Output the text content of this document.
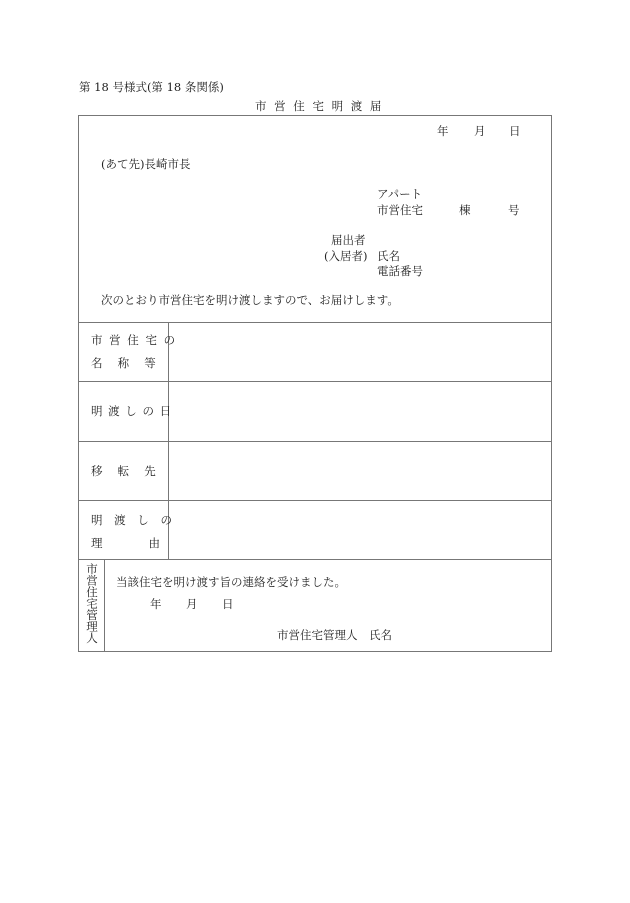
第 18 号様式(第 18 条関係)
市 営 住 宅 明 渡 届
年 月 日
(あて先)長崎市長
アパート
市営住宅	棟	号
届出者
(入居者) 氏名
電話番号
次のとおり市営住宅を明け渡しますので、お届けします。
市 営 住 宅 の
名　 称　 等
明 渡 し の 日
移　 転　 先
明 渡 し の
理　　　　由
市営住宅管理人 当該住宅を明け渡す旨の連絡を受けました。
年 月 日
市営住宅管理人　氏名
